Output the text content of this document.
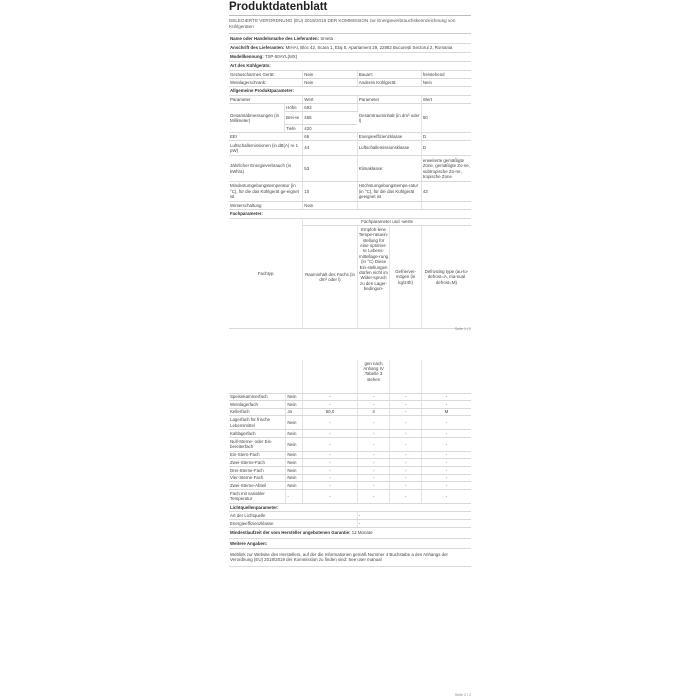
Produktdatenblatt
DELEGIERTE VERORDNUNG (EU) 2019/2016 DER KOMMISSION zur Energieverbrauchskennzeichnung von Kühlgeräten
Name oder Handelsmarke des Lieferanten: Smeta
Anschrift des Lieferanten: MIHAI, Bloc 42, Scara 1, Etaj 5, Apartament 29, 22882 București Sectorul 2, Romania
Modellkennung: TSP-50AYL(MX)
Art des Kühlgeräts:
Geräuscharmes Gerät:	Nein	Bauart:	freistehend
Weinlagerschrank:	Nein	Anderes Kühlgerät:	Nein
Allgemeine Produktparameter:
Parameter		Wert	Parameter	Wert
Gesamtabmessungen (in Millimeter)	Höhe	693	Gesamtrauminhalt (in dm³ oder l)	50
	Brei-te	465		
	Tiefe	420		
EEI		66	Energieeffizienzklasse	D
Luftschallemissionen (in dB(A) re 1 pW)		44	Luftschallemissionsklasse	D
Jährlicher Energieverbrauch (in kWh/a)		53	Klimaklasse:	erweiterte gemäßigte Zone, gemäßigte Zo-ne, subtropische Zo-ne, tropische Zone
Mindestumgebungstemperatur (in °C), für die das Kühlgerät ge-eignet ist		10	Höchstumgebungstempe-ratur (in °C), für die das Kühlgerät geeignet ist	43
Winterschaltung		Nein		
Fachparameter:
Fachtyp	Fachparameter und -werte			
	Rauminhalt des Fachs (in dm³ oder l)	Empfoh-lene Tempe-ratuein-stellung für eine optimier-te Lebens-mittellage-rung (in °C) Diese Ein-stellungen dürfen nicht im Wider-spruch zu den Lager-bedingun-	Gefrierver-mögen (in kg/24h)	Defrosting type (au-to-defrost=A, ma-nual defrost=M)
Seite 1 / 2
		gen nach Anhang IV Tabelle 3 stehen		
Speisekammerfach	Nein	-	-	-	-
Weinlagerfach	Nein	-	-	-	-
Kellerfach	Ja	50,0	4	-	M
Lagerfach für frische Lebensmittel	Nein	-	-	-	-
Kaltlagerfach	Nein	-	-	-	-
Null-Sterne- oder Eis-bereiterfach	Nein	-	-	-	-
Ein-Stern-Fach	Nein	-	-	-	-
Zwei-Sterne-Fach	Nein	-	-	-	-
Drei-Sterne-Fach	Nein	-	-	-	-
Vier-Sterne-Fach	Nein	-	-	-	-
Zwei-Sterne-Abteil	Nein	-	-	-	-
Fach mit variabler Temperatur	-	-	-	-	-
Lichtquellenparameter:	
Art der Lichtquelle	-
Energieeffizienzklasse	-
Mindestlaufzeit der vom Hersteller angebotenen Garantie: 12 Monate
Weitere Angaben:
Weblink zur Website des Herstellers, auf der die Informationen gemäß Nummer 4 Buchstabe a des Anhangs der Verordnung (EU) 2019/2019 der Kommission zu finden sind: See user manual
Seite 2 / 2
